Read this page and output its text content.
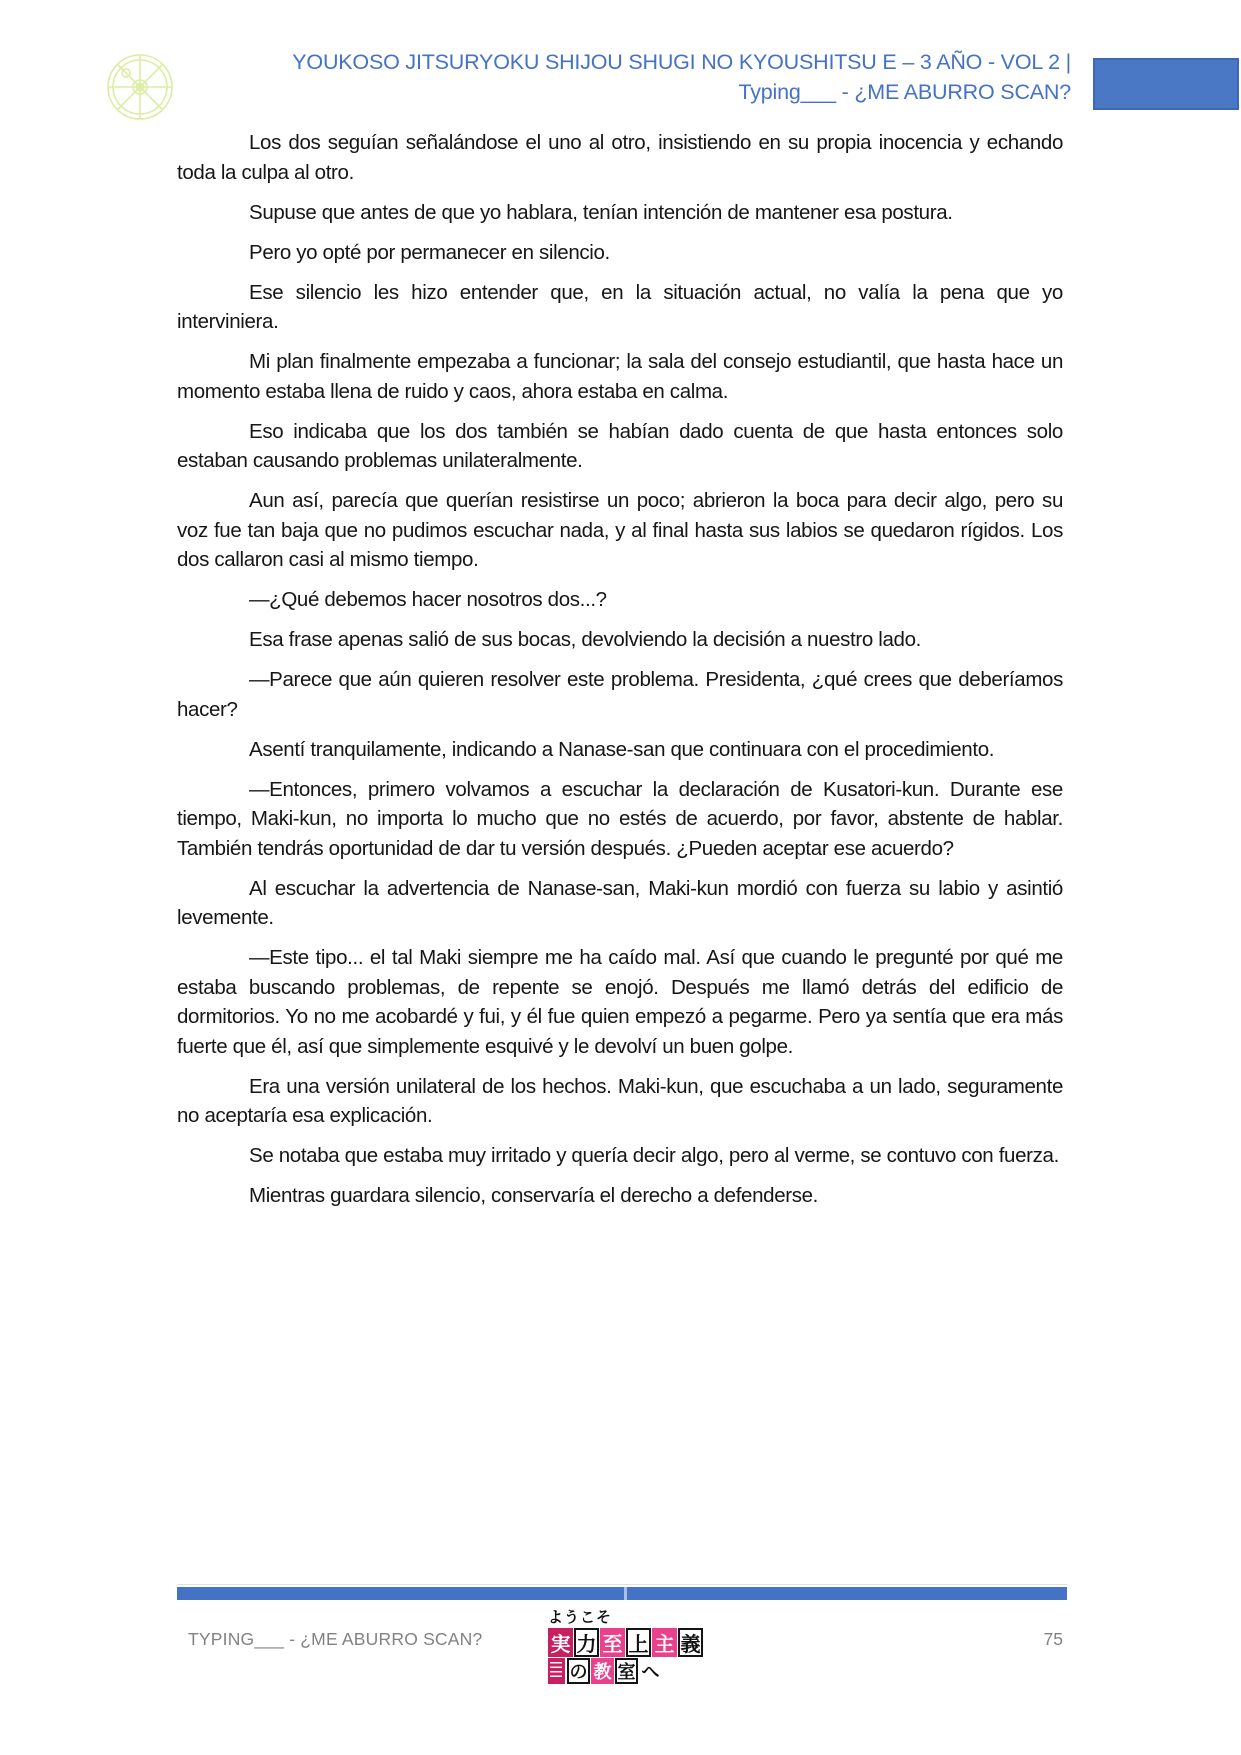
YOUKOSO JITSURYOKU SHIJOU SHUGI NO KYOUSHITSU E – 3 AÑO - VOL 2 | Typing___ - ¿ME ABURRO SCAN?

Los dos seguían señalándose el uno al otro, insistiendo en su propia inocencia y echando toda la culpa al otro.

Supuse que antes de que yo hablara, tenían intención de mantener esa postura.

Pero yo opté por permanecer en silencio.

Ese silencio les hizo entender que, en la situación actual, no valía la pena que yo interviniera.

Mi plan finalmente empezaba a funcionar; la sala del consejo estudiantil, que hasta hace un momento estaba llena de ruido y caos, ahora estaba en calma.

Eso indicaba que los dos también se habían dado cuenta de que hasta entonces solo estaban causando problemas unilateralmente.

Aun así, parecía que querían resistirse un poco; abrieron la boca para decir algo, pero su voz fue tan baja que no pudimos escuchar nada, y al final hasta sus labios se quedaron rígidos. Los dos callaron casi al mismo tiempo.

—¿Qué debemos hacer nosotros dos...?

Esa frase apenas salió de sus bocas, devolviendo la decisión a nuestro lado.

—Parece que aún quieren resolver este problema. Presidenta, ¿qué crees que deberíamos hacer?

Asentí tranquilamente, indicando a Nanase-san que continuara con el procedimiento.

—Entonces, primero volvamos a escuchar la declaración de Kusatori-kun. Durante ese tiempo, Maki-kun, no importa lo mucho que no estés de acuerdo, por favor, abstente de hablar. También tendrás oportunidad de dar tu versión después. ¿Pueden aceptar ese acuerdo?

Al escuchar la advertencia de Nanase-san, Maki-kun mordió con fuerza su labio y asintió levemente.

—Este tipo... el tal Maki siempre me ha caído mal. Así que cuando le pregunté por qué me estaba buscando problemas, de repente se enojó. Después me llamó detrás del edificio de dormitorios. Yo no me acobardé y fui, y él fue quien empezó a pegarme. Pero ya sentía que era más fuerte que él, así que simplemente esquivé y le devolví un buen golpe.

Era una versión unilateral de los hechos. Maki-kun, que escuchaba a un lado, seguramente no aceptaría esa explicación.

Se notaba que estaba muy irritado y quería decir algo, pero al verme, se contuvo con fuerza.

Mientras guardara silencio, conservaría el derecho a defenderse.

TYPING___ - ¿ME ABURRO SCAN?
ようこそ
実 力 至 上 主 義
の 教 室 へ
75
